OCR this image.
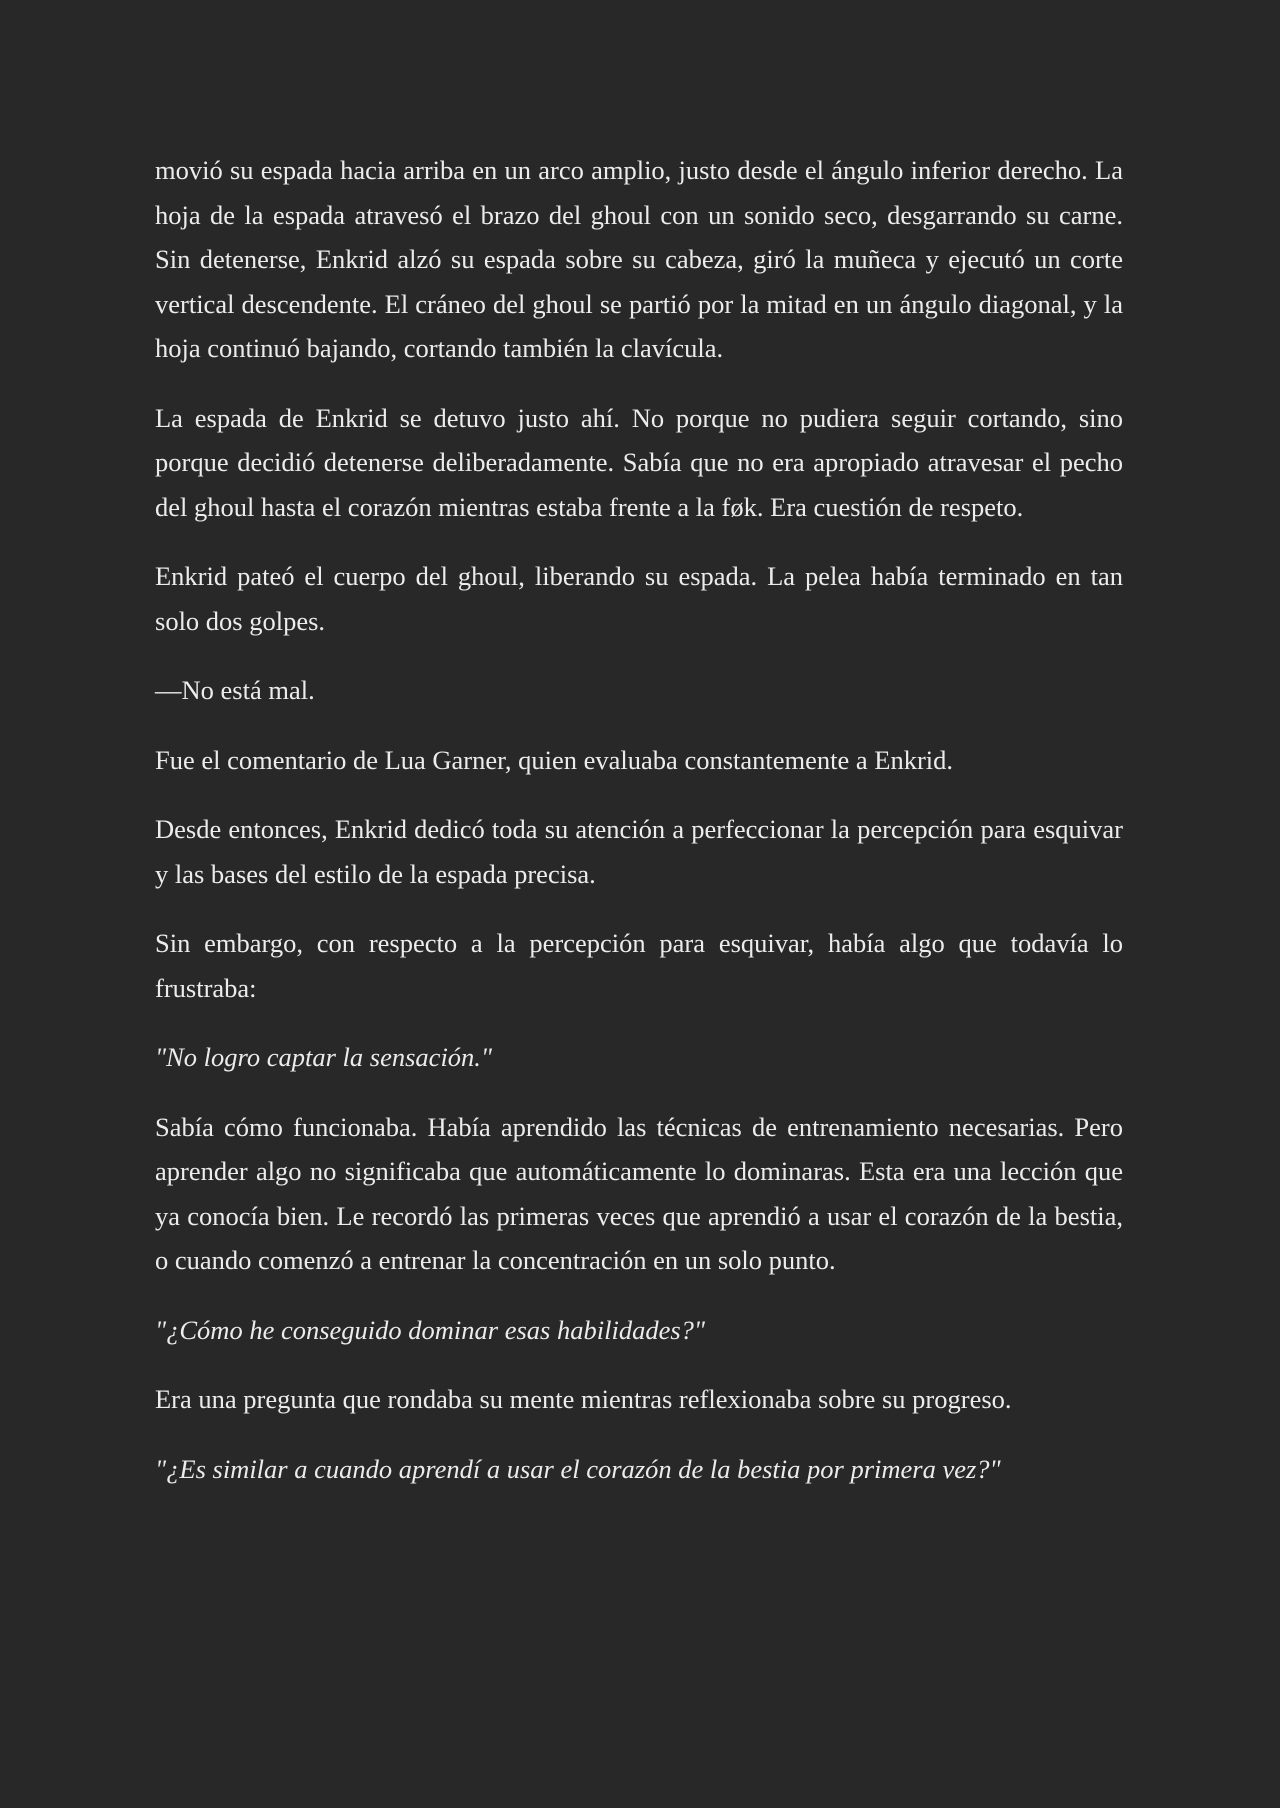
movió su espada hacia arriba en un arco amplio, justo desde el ángulo inferior derecho. La hoja de la espada atravesó el brazo del ghoul con un sonido seco, desgarrando su carne. Sin detenerse, Enkrid alzó su espada sobre su cabeza, giró la muñeca y ejecutó un corte vertical descendente. El cráneo del ghoul se partió por la mitad en un ángulo diagonal, y la hoja continuó bajando, cortando también la clavícula.

La espada de Enkrid se detuvo justo ahí. No porque no pudiera seguir cortando, sino porque decidió detenerse deliberadamente. Sabía que no era apropiado atravesar el pecho del ghoul hasta el corazón mientras estaba frente a la føk. Era cuestión de respeto.

Enkrid pateó el cuerpo del ghoul, liberando su espada. La pelea había terminado en tan solo dos golpes.

—No está mal.

Fue el comentario de Lua Garner, quien evaluaba constantemente a Enkrid.

Desde entonces, Enkrid dedicó toda su atención a perfeccionar la percepción para esquivar y las bases del estilo de la espada precisa.

Sin embargo, con respecto a la percepción para esquivar, había algo que todavía lo frustraba:

"No logro captar la sensación."

Sabía cómo funcionaba. Había aprendido las técnicas de entrenamiento necesarias. Pero aprender algo no significaba que automáticamente lo dominaras. Esta era una lección que ya conocía bien. Le recordó las primeras veces que aprendió a usar el corazón de la bestia, o cuando comenzó a entrenar la concentración en un solo punto.

"¿Cómo he conseguido dominar esas habilidades?"

Era una pregunta que rondaba su mente mientras reflexionaba sobre su progreso.

"¿Es similar a cuando aprendí a usar el corazón de la bestia por primera vez?"
